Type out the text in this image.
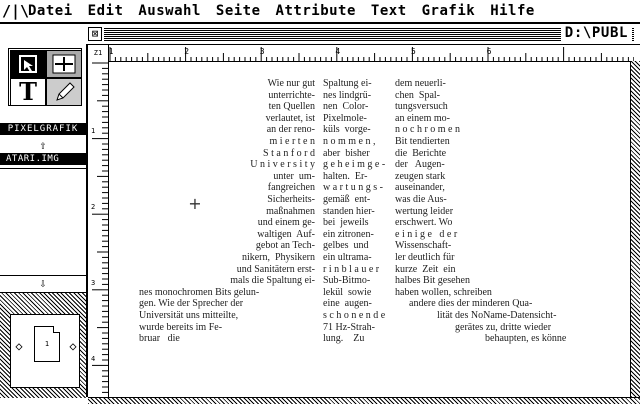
/|\
Datei Edit Auswahl Seite Attribute Text Grafik Hilfe
⊠	D:\PUBL
T
PIXELGRAFIK
⇧
ATARI.IMG
⇩
◇	◇
1
1	2	3	4	5	6
1
2
3
4
Z1
Wie nur gut
unterrichte-
ten Quellen
verlautet, ist
an der reno-
m i e r t e n
S t a n f o r d
U n i v e r s i t y
unter  um-
fangreichen
Sicherheits-
maßnahmen
und einem ge-
waltigen  Auf-
gebot an Tech-
nikern,  Physikern
und Sanitätern erst-
mals die Spaltung ei-
nes monochromen Bits gelun-
gen. Wie der Sprecher der
Universität uns mitteilte,
wurde bereits im Fe-
bruar   die
Spaltung ei-
nes lindgrü-
nen  Color-
Pixelmole-
küls  vorge-
n o m m e n ,
aber  bisher
g e h e i m g e -
halten.  Er-
w a r t u n g s -
gemäß  ent-
standen hier-
bei  jeweils
ein zitronen-
gelbes  und
ein ultrama-
r i n b l a u e r
Sub-Bitmo-
lekül  sowie
eine  augen-
s c h o n e n d e
71 Hz-Strah-
lung.    Zu
dem neuerli-
chen  Spal-
tungsversuch
an einem mo-
n o c h r o m e n
Bit tendierten
die  Berichte
der   Augen-
zeugen stark
auseinander,
was die Aus-
wertung leider
erschwert. Wo
e i n i g e   d e r
Wissenschaft-
ler deutlich für
kurze  Zeit  ein
halbes Bit gesehen
haben wollen, schreiben
andere dies der minderen Qua-
lität des NoName-Datensicht-
gerätes zu, dritte wieder
behaupten, es könne
+
